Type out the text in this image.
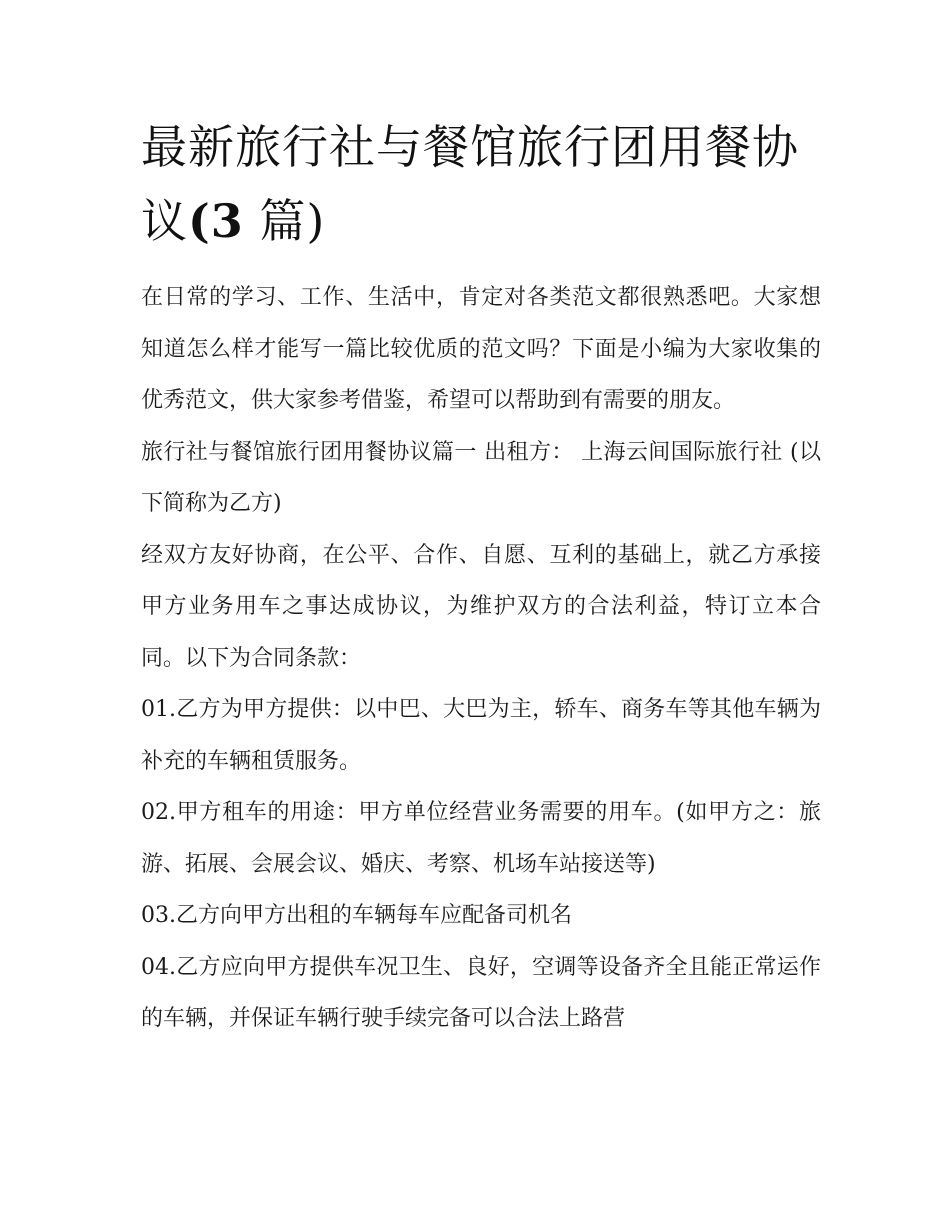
最新旅行社与餐馆旅行团用餐协议(3 篇)

在日常的学习、工作、生活中，肯定对各类范文都很熟悉吧。大家想知道怎么样才能写一篇比较优质的范文吗？下面是小编为大家收集的优秀范文，供大家参考借鉴，希望可以帮助到有需要的朋友。

旅行社与餐馆旅行团用餐协议篇一 出租方： 上海云间国际旅行社 (以下简称为乙方)

经双方友好协商，在公平、合作、自愿、互利的基础上，就乙方承接甲方业务用车之事达成协议，为维护双方的合法利益，特订立本合同。以下为合同条款：

01.乙方为甲方提供：以中巴、大巴为主，轿车、商务车等其他车辆为补充的车辆租赁服务。

02.甲方租车的用途：甲方单位经营业务需要的用车。(如甲方之：旅游、拓展、会展会议、婚庆、考察、机场车站接送等)

03.乙方向甲方出租的车辆每车应配备司机名

04.乙方应向甲方提供车况卫生、良好，空调等设备齐全且能正常运作的车辆，并保证车辆行驶手续完备可以合法上路营
